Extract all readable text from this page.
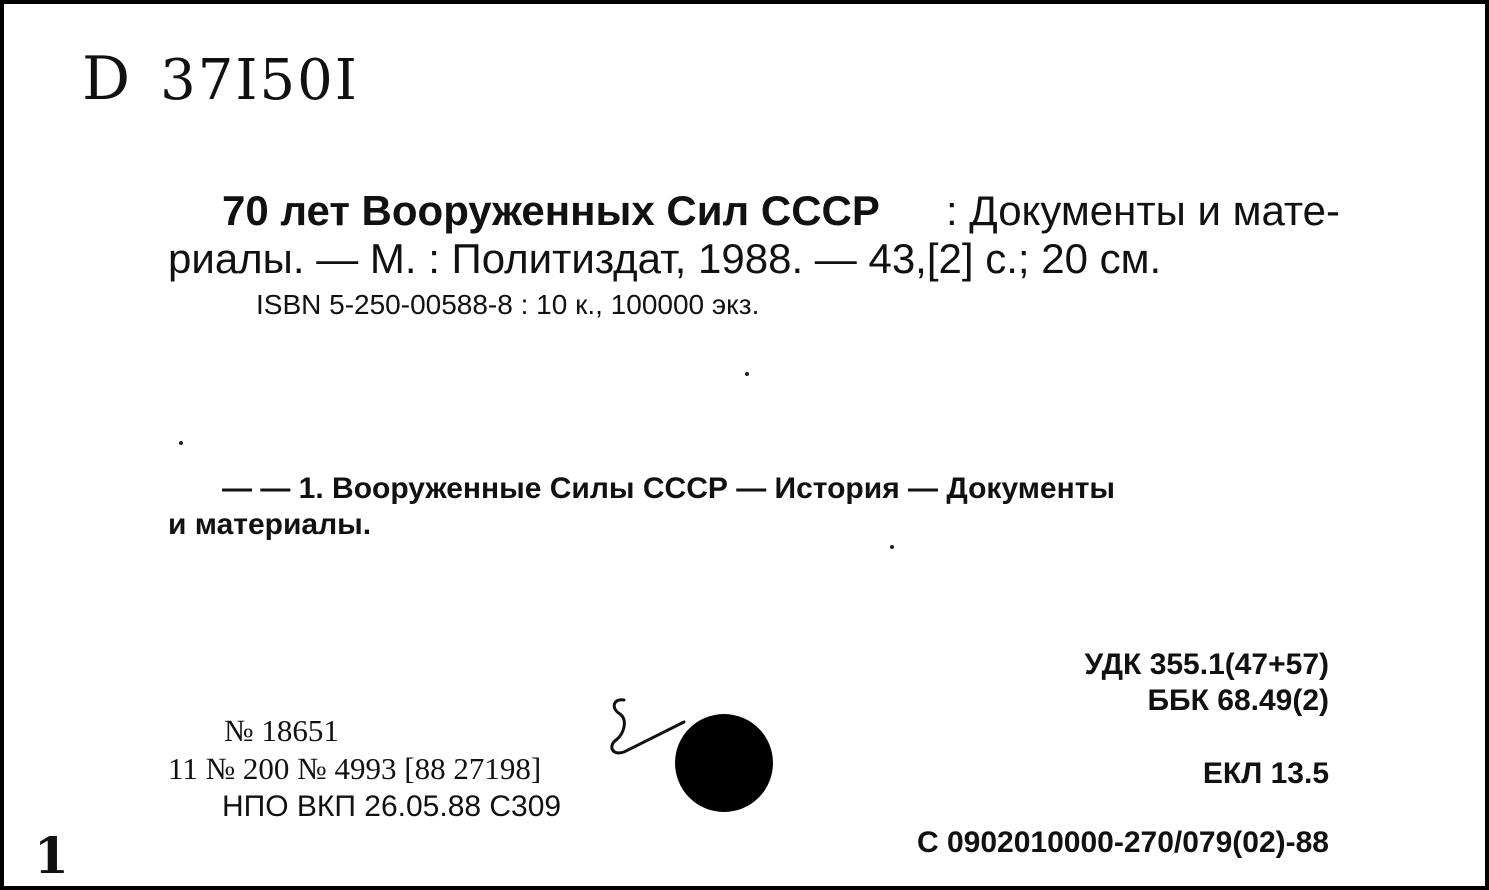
D 37I50I
70 лет Вооруженных Сил СССР : Документы и мате-
риалы. — М. : Политиздат, 1988. — 43,[2] с.; 20 см.
ISBN 5-250-00588-8 : 10 к., 100000 экз.
— — 1. Вооруженные Силы СССР — История — Документы
и материалы.
УДК 355.1(47+57)
ББК 68.49(2)
№ 18651
11 № 200 № 4993 [88 27198]
НПО ВКП 26.05.88 С309
ЕКЛ 13.5
С 0902010000-270/079(02)-88
1
